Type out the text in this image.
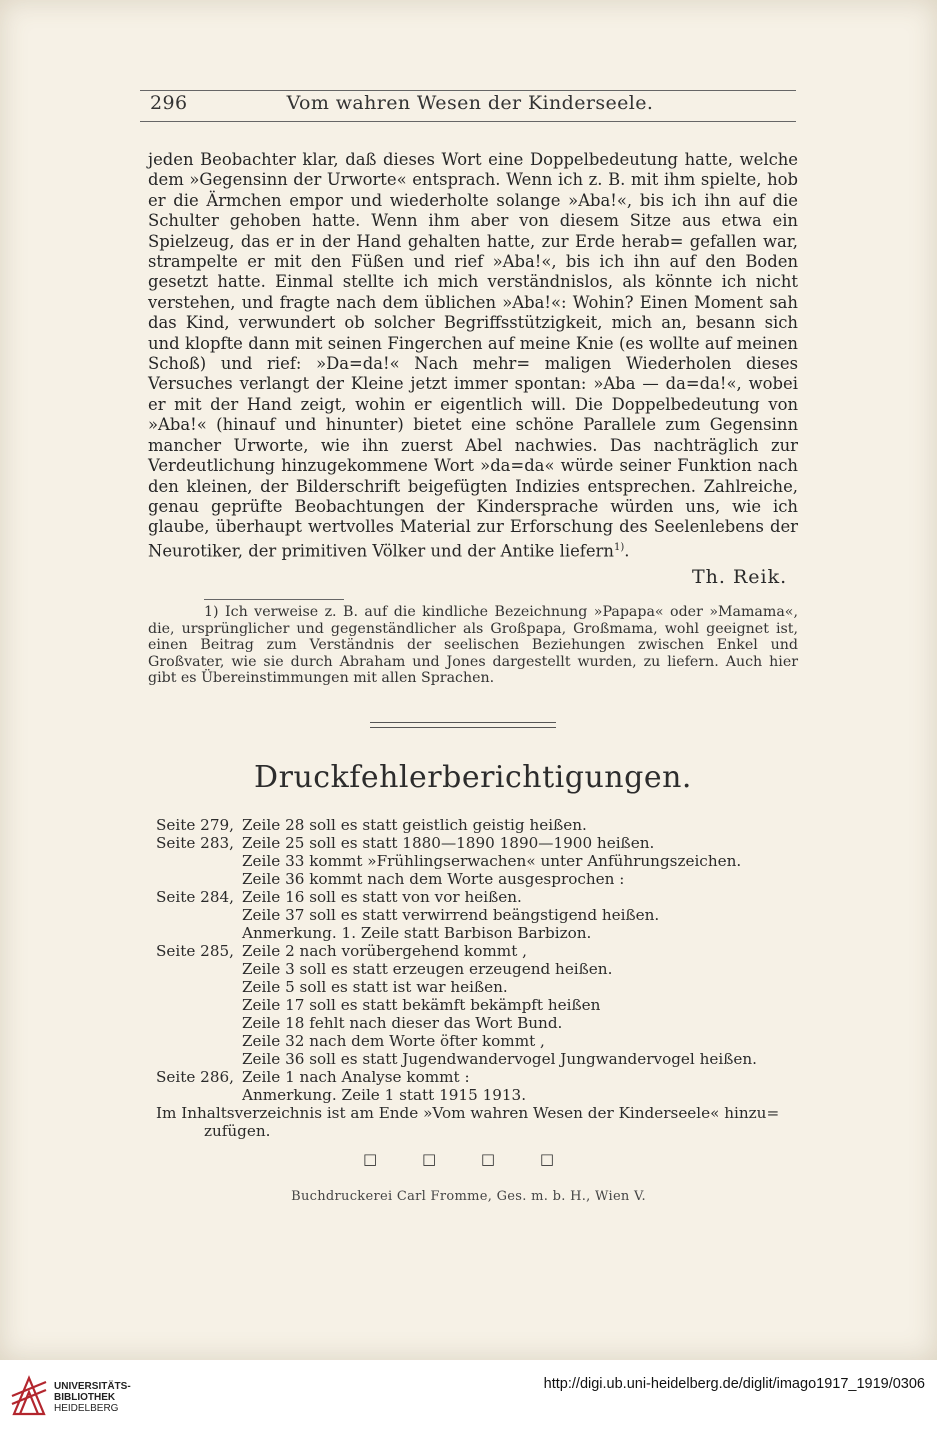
296	Vom wahren Wesen der Kinderseele.

jeden Beobachter klar, daß dieses Wort eine Doppelbedeutung hatte, welche dem »Gegensinn der Urworte« entsprach. Wenn ich z. B. mit ihm spielte, hob er die Ärmchen empor und wiederholte solange »Aba!«, bis ich ihn auf die Schulter gehoben hatte. Wenn ihm aber von diesem Sitze aus etwa ein Spielzeug, das er in der Hand gehalten hatte, zur Erde herab= gefallen war, strampelte er mit den Füßen und rief »Aba!«, bis ich ihn auf den Boden gesetzt hatte. Einmal stellte ich mich verständnislos, als könnte ich nicht verstehen, und fragte nach dem üblichen »Aba!«: Wohin? Einen Moment sah das Kind, verwundert ob solcher Begriffsstützigkeit, mich an, besann sich und klopfte dann mit seinen Fingerchen auf meine Knie (es wollte auf meinen Schoß) und rief: »Da=da!« Nach mehr= maligen Wiederholen dieses Versuches verlangt der Kleine jetzt immer spontan: »Aba — da=da!«, wobei er mit der Hand zeigt, wohin er eigentlich will. Die Doppelbedeutung von »Aba!« (hinauf und hinunter) bietet eine schöne Parallele zum Gegensinn mancher Urworte, wie ihn zuerst Abel nachwies. Das nachträglich zur Verdeutlichung hinzugekommene Wort »da=da« würde seiner Funktion nach den kleinen, der Bilderschrift beigefügten Indizies entsprechen. Zahlreiche, genau geprüfte Beobachtungen der Kindersprache würden uns, wie ich glaube, überhaupt wertvolles Material zur Erforschung des Seelenlebens der Neurotiker, der primitiven Völker und der Antike liefern$^{1)}$.

Th. Reik.
1) Ich verweise z. B. auf die kindliche Bezeichnung »Papapa« oder »Mamama«, die, ursprünglicher und gegenständlicher als Großpapa, Großmama, wohl geeignet ist, einen Beitrag zum Verständnis der seelischen Beziehungen zwischen Enkel und Großvater, wie sie durch Abraham und Jones dargestellt wurden, zu liefern. Auch hier gibt es Übereinstimmungen mit allen Sprachen.
Druckfehlerberichtigungen.
Seite 279, Zeile 28 soll es statt geistlich geistig heißen.
Seite 283, Zeile 25 soll es statt 1880—1890 1890—1900 heißen.
Zeile 33 kommt »Frühlingserwachen« unter Anführungszeichen.
Zeile 36 kommt nach dem Worte ausgesprochen :
Seite 284, Zeile 16 soll es statt von vor heißen.
Zeile 37 soll es statt verwirrend beängstigend heißen.
Anmerkung. 1. Zeile statt Barbison Barbizon.
Seite 285, Zeile 2 nach vorübergehend kommt ,
Zeile 3 soll es statt erzeugen erzeugend heißen.
Zeile 5 soll es statt ist war heißen.
Zeile 17 soll es statt bekämft bekämpft heißen
Zeile 18 fehlt nach dieser das Wort Bund.
Zeile 32 nach dem Worte öfter kommt ,
Zeile 36 soll es statt Jugendwandervogel Jungwandervogel heißen.
Seite 286, Zeile 1 nach Analyse kommt :
Anmerkung. Zeile 1 statt 1915 1913.
Im Inhaltsverzeichnis ist am Ende »Vom wahren Wesen der Kinderseele« hinzu=
zufügen.
□ □ □ □
Buchdruckerei Carl Fromme, Ges. m. b. H., Wien V.
UNIVERSITÄTS-
BIBLIOTHEK
HEIDELBERG
http://digi.ub.uni-heidelberg.de/diglit/imago1917_1919/0306
